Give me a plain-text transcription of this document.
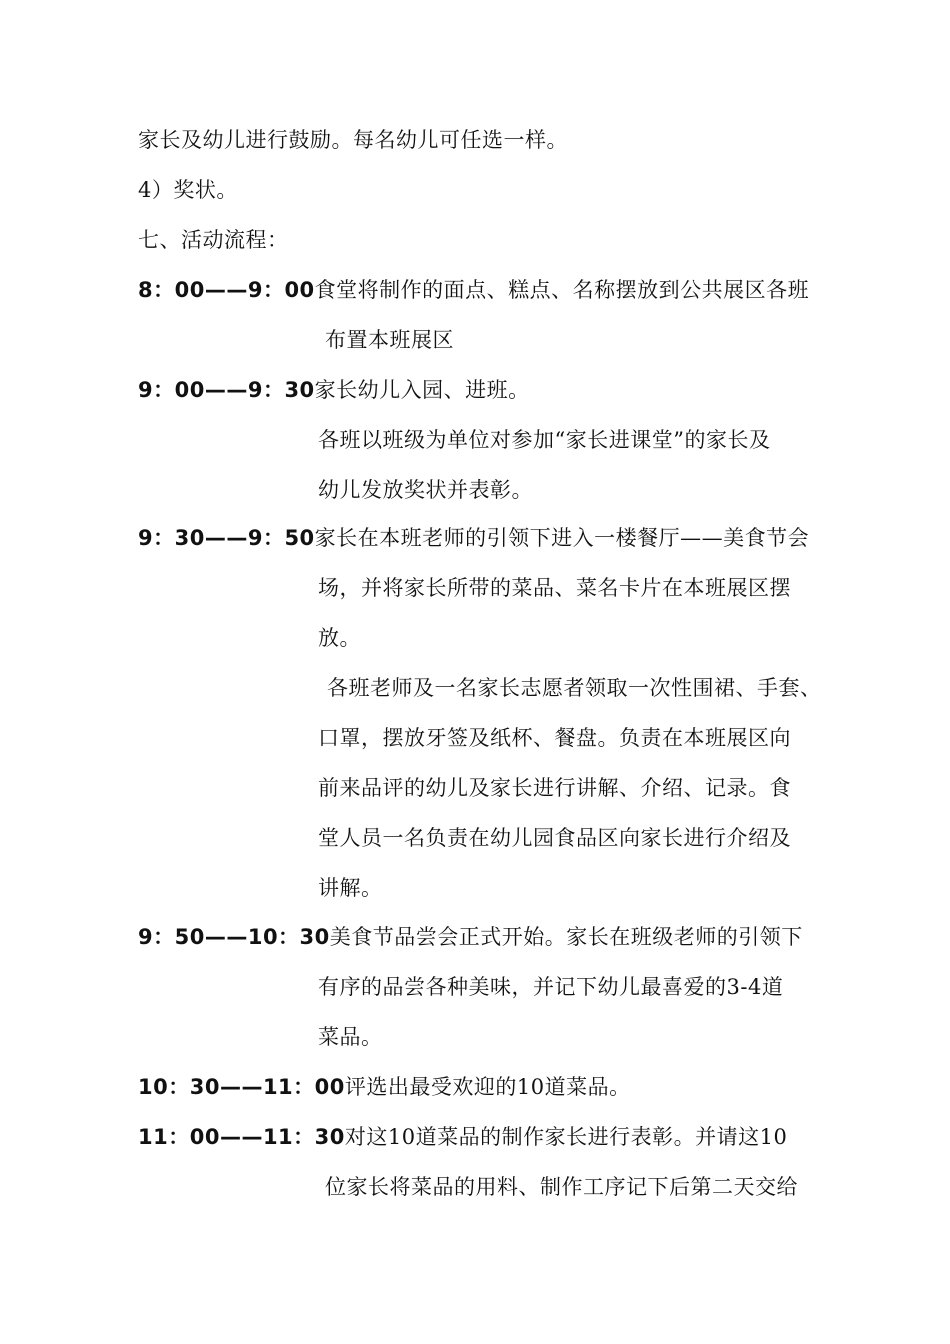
家长及幼儿进行鼓励。每名幼儿可任选一样。
4）奖状。
七、活动流程：
8：00——9：00食堂将制作的面点、糕点、名称摆放到公共展区各班
布置本班展区
9：00——9：30家长幼儿入园、进班。
各班以班级为单位对参加“家长进课堂”的家长及
幼儿发放奖状并表彰。
9：30——9：50家长在本班老师的引领下进入一楼餐厅——美食节会
场，并将家长所带的菜品、菜名卡片在本班展区摆
放。
各班老师及一名家长志愿者领取一次性围裙、手套、
口罩，摆放牙签及纸杯、餐盘。负责在本班展区向
前来品评的幼儿及家长进行讲解、介绍、记录。食
堂人员一名负责在幼儿园食品区向家长进行介绍及
讲解。
9：50——10：30美食节品尝会正式开始。家长在班级老师的引领下
有序的品尝各种美味，并记下幼儿最喜爱的3-4道
菜品。
10：30——11：00评选出最受欢迎的10道菜品。
11：00——11：30对这10道菜品的制作家长进行表彰。并请这10
位家长将菜品的用料、制作工序记下后第二天交给
